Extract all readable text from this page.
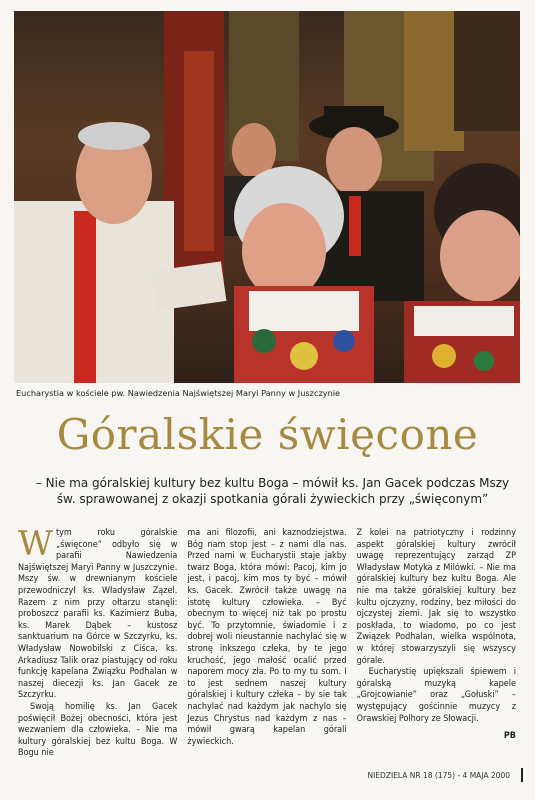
Eucharystia w kościele pw. Nawiedzenia Najświętszej Maryi Panny w Juszczynie
Góralskie święcone
– Nie ma góralskiej kultury bez kultu Boga – mówił ks. Jan Gacek podczas Mszy św. sprawowanej z okazji spotkania górali żywieckich przy „święconym”

Wtym roku góralskie „święcone” odbyło się w parafii Nawiedzenia Najświętszej Maryi Panny w Juszczynie. Mszy św. w drewnianym kościele przewodniczył ks. Władysław Zązel. Razem z nim przy ołtarzu stanęli: proboszcz parafii ks. Kazimierz Buba, ks. Marek Dąbek – kustosz sanktuarium na Górce w Szczyrku, ks. Władysław Nowobilski z Ciśca, ks. Arkadiusz Talik oraz piastujący od roku funkcję kapelana Związku Podhalan w naszej diecezji ks. Jan Gacek ze Szczyrku.

Swoją homilię ks. Jan Gacek poświęcił Bożej obecności, która jest wezwaniem dla człowieka. – Nie ma kultury góralskiej bez kultu Boga. W Bogu nie

ma ani filozofii, ani kaznodziejstwa. Bóg nam stop jest – z nami dla nas. Przed nami w Eucharystii staje jakby twarz Boga, która mówi: Pacoj, kim jo jest, i pacoj, kim mos ty być – mówił ks. Gacek. Zwrócił także uwagę na istotę kultury człowieka. – Być obecnym to więcej niż tak po prostu być. To przytomnie, świadomie i z dobrej woli nieustannie nachylać się w stronę inkszego człeka, by te jego kruchość, jego małość ocalić przed naporem mocy zła. Po to my tu som. I to jest sednem naszej kultury góralskiej i kultury człeka – by sie tak nachylać nad każdym jak nachylo się Jezus Chrystus nad każdym z nas – mówił gwarą kapelan górali żywieckich.

Z kolei na patriotyczny i rodzinny aspekt góralskiej kultury zwrócił uwagę reprezentujący zarząd ZP Władysław Motyka z Milówki. – Nie ma góralskiej kultury bez kultu Boga. Ale nie ma także góralskiej kultury bez kultu ojczyzny, rodziny, bez miłości do ojczystej ziemi. Jak się to wszystko poskłada, to wiadomo, po co jest Związek Podhalan, wielka wspólnota, w której stowarzyszyli się wszyscy górale.

Eucharystię upiększali śpiewem i góralską muzyką kapele „Grojcowianie” oraz „Gołuski” – występujący gościnnie muzycy z Orawskiej Polhory ze Słowacji.

PB
NIEDZIELA NR 18 (175) - 4 MAJA 2000
